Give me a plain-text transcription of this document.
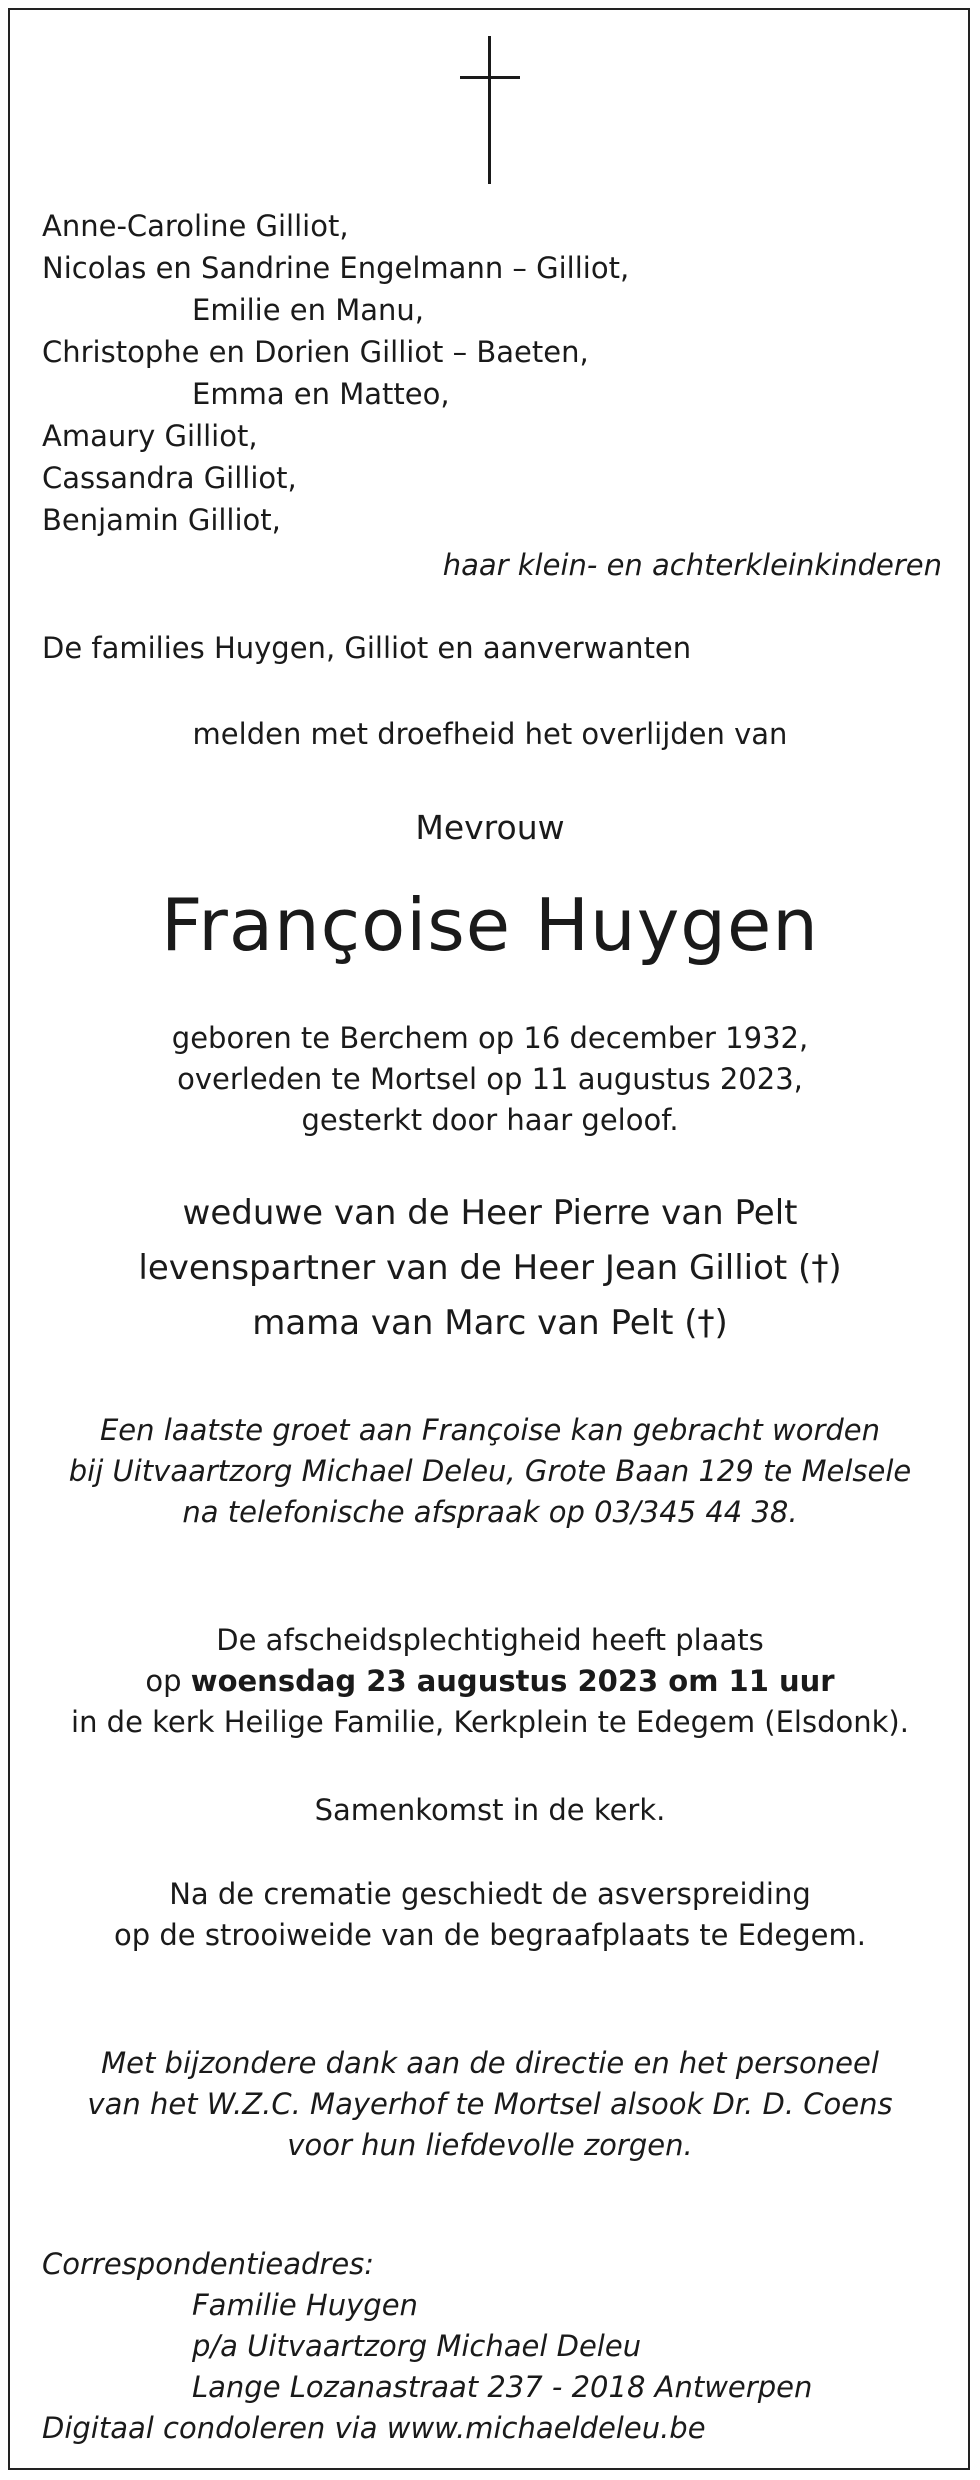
Anne-Caroline Gilliot,
Nicolas en Sandrine Engelmann – Gilliot,
Emilie en Manu,
Christophe en Dorien Gilliot – Baeten,
Emma en Matteo,
Amaury Gilliot,
Cassandra Gilliot,
Benjamin Gilliot,
haar klein- en achterkleinkinderen
De families Huygen, Gilliot en aanverwanten
melden met droefheid het overlijden van
Mevrouw
Françoise Huygen
geboren te Berchem op 16 december 1932,
overleden te Mortsel op 11 augustus 2023,
gesterkt door haar geloof.
weduwe van de Heer Pierre van Pelt
levenspartner van de Heer Jean Gilliot (†)
mama van Marc van Pelt (†)
Een laatste groet aan Françoise kan gebracht worden
bij Uitvaartzorg Michael Deleu, Grote Baan 129 te Melsele
na telefonische afspraak op 03/345 44 38.
De afscheidsplechtigheid heeft plaats
op woensdag 23 augustus 2023 om 11 uur
in de kerk Heilige Familie, Kerkplein te Edegem (Elsdonk).
Samenkomst in de kerk.
Na de crematie geschiedt de asverspreiding
op de strooiweide van de begraafplaats te Edegem.
Met bijzondere dank aan de directie en het personeel
van het W.Z.C. Mayerhof te Mortsel alsook Dr. D. Coens
voor hun liefdevolle zorgen.
Correspondentieadres:
Familie Huygen
p/a Uitvaartzorg Michael Deleu
Lange Lozanastraat 237 - 2018 Antwerpen
Digitaal condoleren via www.michaeldeleu.be
